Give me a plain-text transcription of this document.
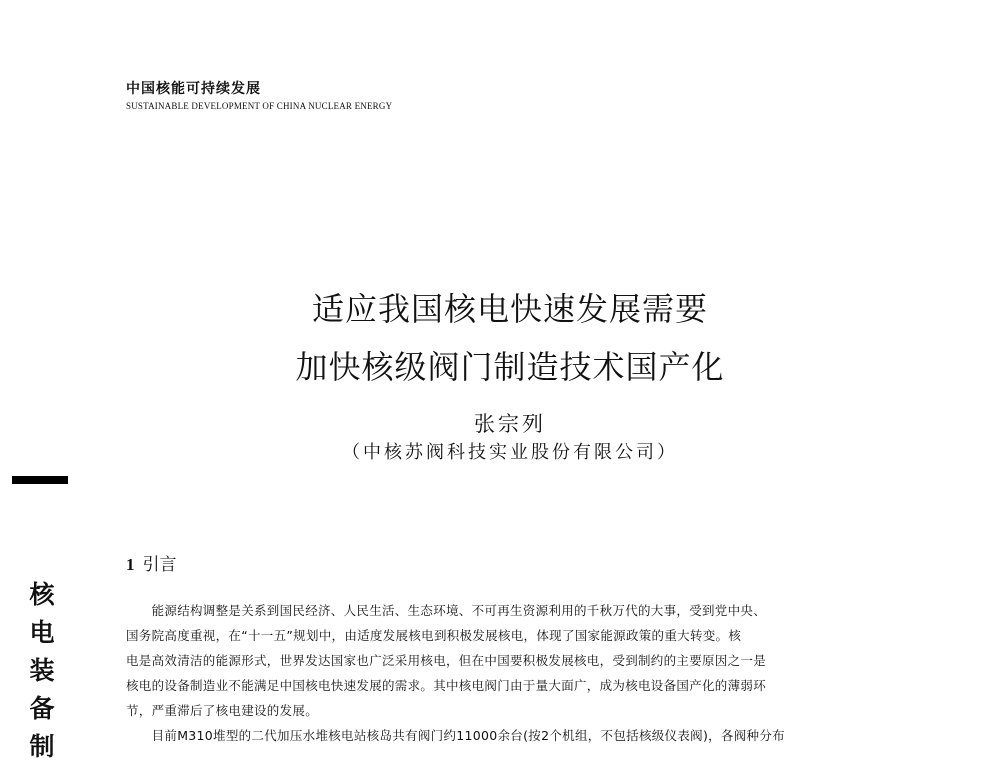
中国核能可持续发展
SUSTAINABLE DEVELOPMENT OF CHINA NUCLEAR ENERGY
适应我国核电快速发展需要
加快核级阀门制造技术国产化
张宗列
（中核苏阀科技实业股份有限公司）
核
电
装
备
制
1 引言
　　能源结构调整是关系到国民经济、人民生活、生态环境、不可再生资源利用的千秋万代的大事，受到党中央、
国务院高度重视，在“十一五”规划中，由适度发展核电到积极发展核电，体现了国家能源政策的重大转变。核
电是高效清洁的能源形式，世界发达国家也广泛采用核电，但在中国要积极发展核电，受到制约的主要原因之一是
核电的设备制造业不能满足中国核电快速发展的需求。其中核电阀门由于量大面广，成为核电设备国产化的薄弱环
节，严重滞后了核电建设的发展。
　　目前M310堆型的二代加压水堆核电站核岛共有阀门约11000余台(按2个机组，不包括核级仪表阀)，各阀种分布
